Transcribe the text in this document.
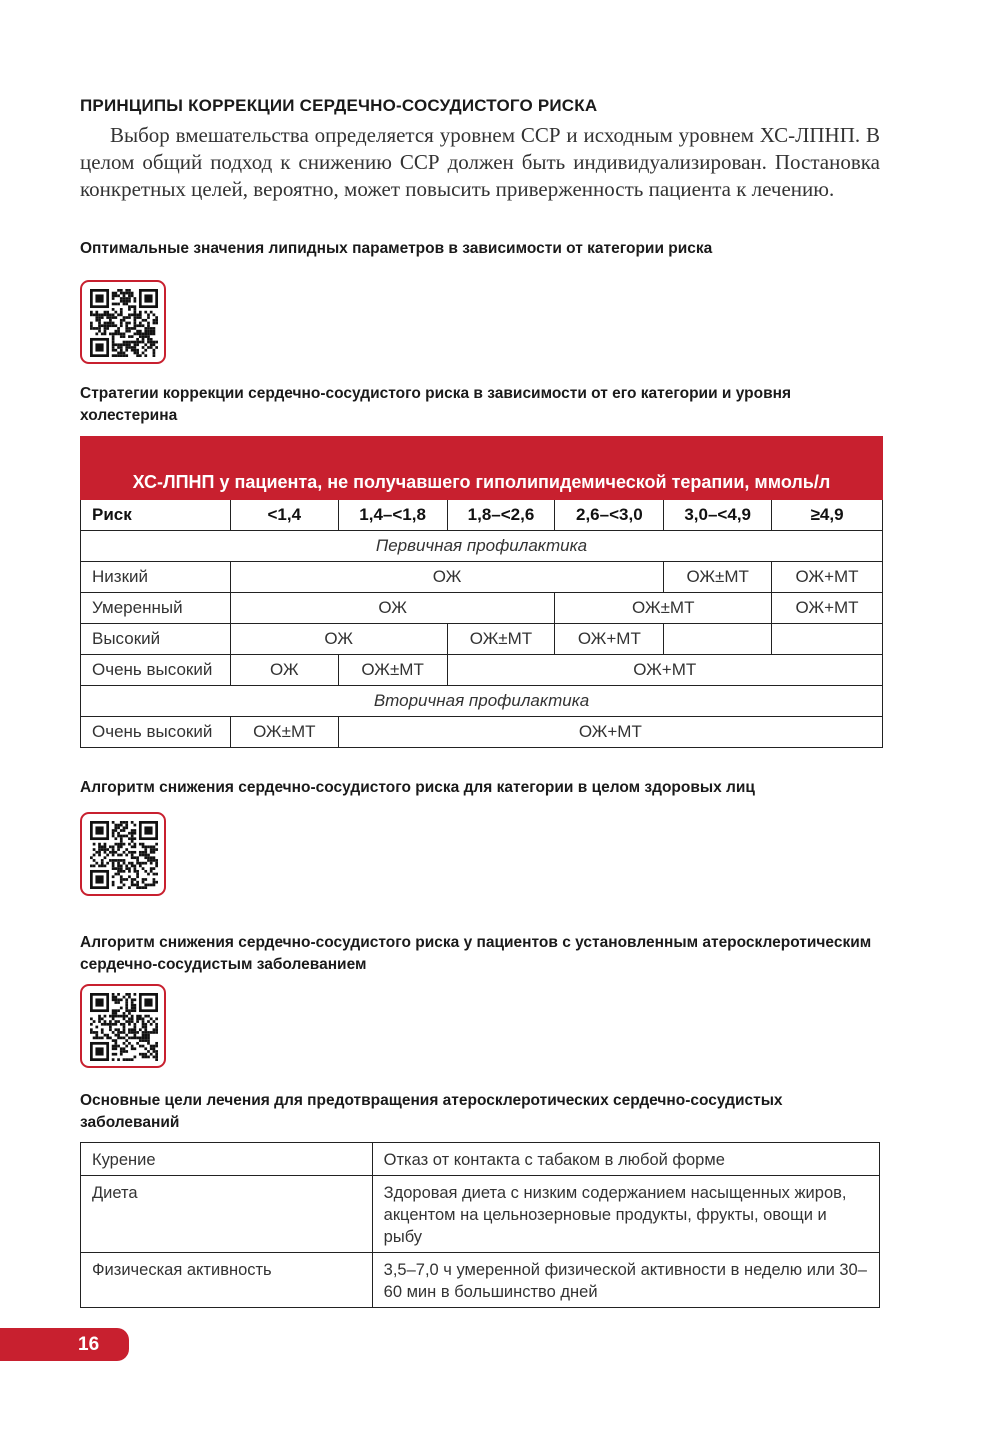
ПРИНЦИПЫ КОРРЕКЦИИ СЕРДЕЧНО-СОСУДИСТОГО РИСКА
Выбор вмешательства определяется уровнем ССР и исходным уровнем ХС-ЛПНП. В целом общий подход к снижению ССР должен быть индивидуализирован. Постановка конкретных целей, вероятно, может повысить приверженность пациента к лечению.
Оптимальные значения липидных параметров в зависимости от категории риска
Стратегии коррекции сердечно-сосудистого риска в зависимости от его категории и уровня холестерина
ХС-ЛПНП у пациента, не получавшего гиполипидемической терапии, ммоль/л						
Риск	<1,4	1,4–<1,8	1,8–<2,6	2,6–<3,0	3,0–<4,9	≥4,9
Первичная профилактика						
Низкий	ОЖ				ОЖ±МТ	ОЖ+МТ
Умеренный	ОЖ			ОЖ±МТ		ОЖ+МТ
Высокий	ОЖ		ОЖ±МТ	ОЖ+МТ		
Очень высокий	ОЖ	ОЖ±МТ	ОЖ+МТ			
Вторичная профилактика						
Очень высокий	ОЖ±МТ	ОЖ+МТ				
Алгоритм снижения сердечно-сосудистого риска для категории в целом здоровых лиц
Алгоритм снижения сердечно-сосудистого риска у пациентов с установленным атеросклеротическим сердечно-сосудистым заболеванием
Основные цели лечения для предотвращения атеросклеротических сердечно-сосудистых заболеваний
Курение	Отказ от контакта с табаком в любой форме
Диета	Здоровая диета с низким содержанием насыщенных жиров, акцентом на цельнозерновые продукты, фрукты, овощи и рыбу
Физическая активность	3,5–7,0 ч умеренной физической активности в неделю или 30–60 мин в большинство дней
16
